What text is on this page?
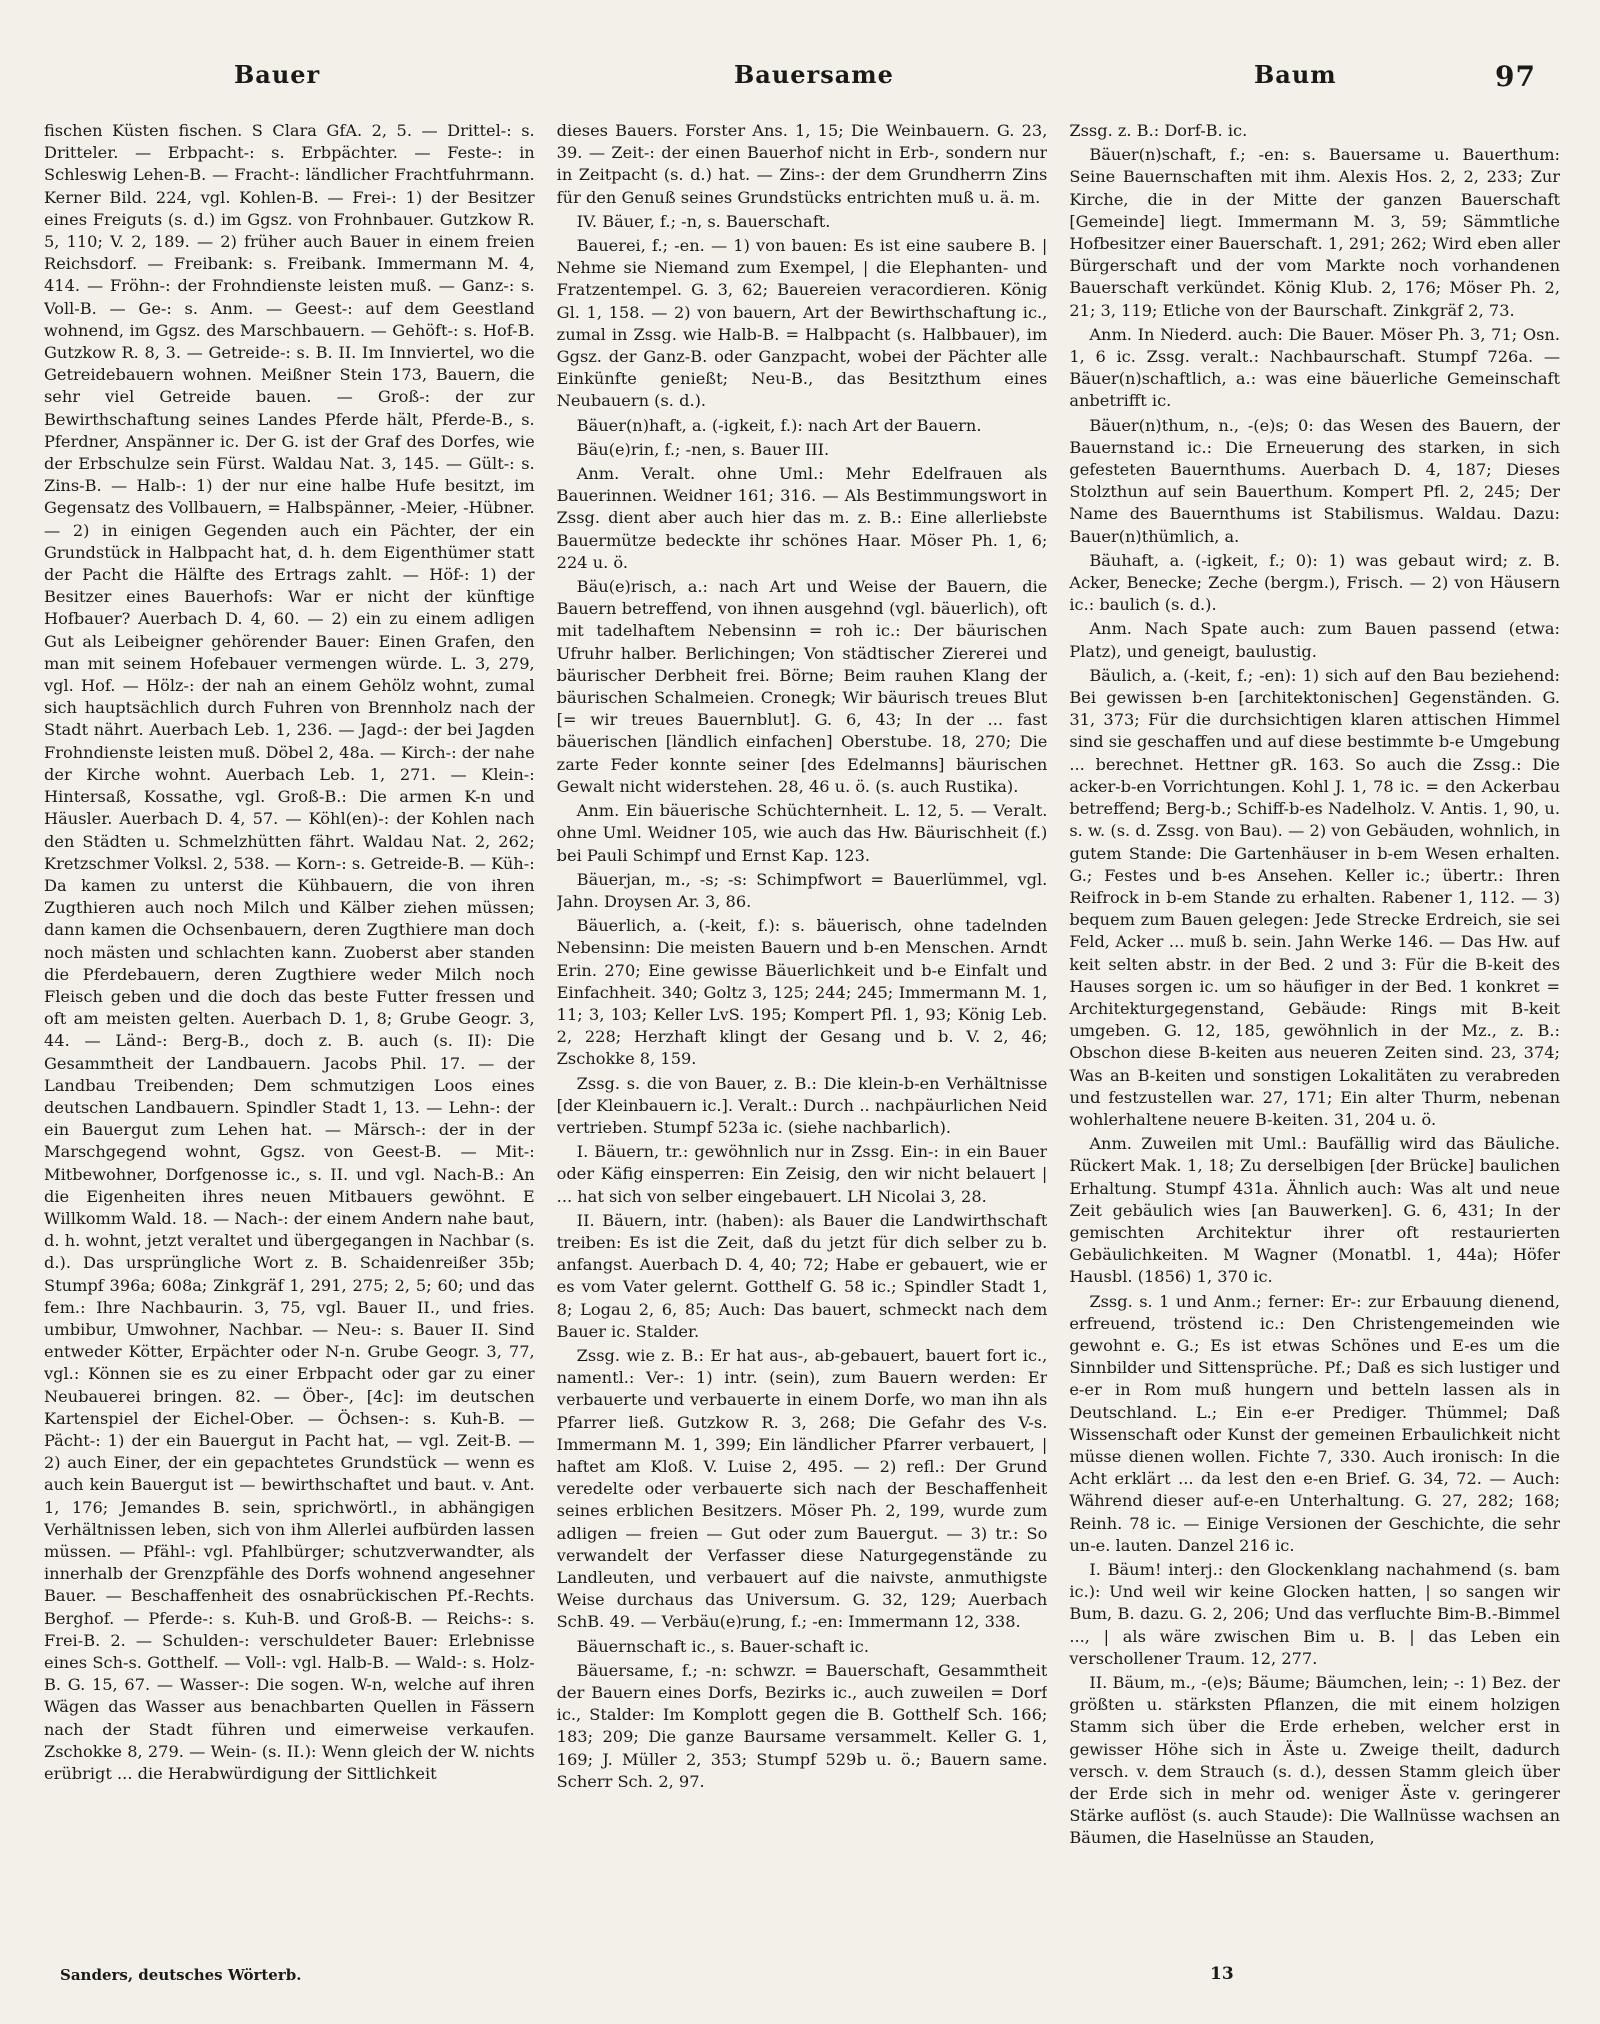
Bauer	Bauersame	Baum	97

fischen Küsten fischen. S Clara GfA. 2, 5. — Drittel-: s. Dritteler. — Erbpacht-: s. Erbpächter. — Feste-: in Schleswig Lehen-B. — Fracht-: ländlicher Frachtfuhrmann. Kerner Bild. 224, vgl. Kohlen-B. — Frei-: 1) der Besitzer eines Freiguts (s. d.) im Ggsz. von Frohnbauer. Gutzkow R. 5, 110; V. 2, 189. — 2) früher auch Bauer in einem freien Reichsdorf. — Freibank: s. Freibank. Immermann M. 4, 414. — Fröhn-: der Frohndienste leisten muß. — Ganz-: s. Voll-B. — Ge-: s. Anm. — Geest-: auf dem Geestland wohnend, im Ggsz. des Marschbauern. — Gehöft-: s. Hof-B. Gutzkow R. 8, 3. — Getreide-: s. B. II. Im Innviertel, wo die Getreidebauern wohnen. Meißner Stein 173, Bauern, die sehr viel Getreide bauen. — Groß-: der zur Bewirthschaftung seines Landes Pferde hält, Pferde-B., s. Pferdner, Anspänner ic. Der G. ist der Graf des Dorfes, wie der Erbschulze sein Fürst. Waldau Nat. 3, 145. — Gült-: s. Zins-B. — Halb-: 1) der nur eine halbe Hufe besitzt, im Gegensatz des Vollbauern, = Halbspänner, -Meier, -Hübner. — 2) in einigen Gegenden auch ein Pächter, der ein Grundstück in Halbpacht hat, d. h. dem Eigenthümer statt der Pacht die Hälfte des Ertrags zahlt. — Höf-: 1) der Besitzer eines Bauerhofs: War er nicht der künftige Hofbauer? Auerbach D. 4, 60. — 2) ein zu einem adligen Gut als Leibeigner gehörender Bauer: Einen Grafen, den man mit seinem Hofebauer vermengen würde. L. 3, 279, vgl. Hof. — Hölz-: der nah an einem Gehölz wohnt, zumal sich hauptsächlich durch Fuhren von Brennholz nach der Stadt nährt. Auerbach Leb. 1, 236. — Jagd-: der bei Jagden Frohndienste leisten muß. Döbel 2, 48a. — Kirch-: der nahe der Kirche wohnt. Auerbach Leb. 1, 271. — Klein-: Hintersaß, Kossathe, vgl. Groß-B.: Die armen K-n und Häusler. Auerbach D. 4, 57. — Köhl(en)-: der Kohlen nach den Städten u. Schmelzhütten fährt. Waldau Nat. 2, 262; Kretzschmer Volksl. 2, 538. — Korn-: s. Getreide-B. — Küh-: Da kamen zu unterst die Kühbauern, die von ihren Zugthieren auch noch Milch und Kälber ziehen müssen; dann kamen die Ochsenbauern, deren Zugthiere man doch noch mästen und schlachten kann. Zuoberst aber standen die Pferdebauern, deren Zugthiere weder Milch noch Fleisch geben und die doch das beste Futter fressen und oft am meisten gelten. Auerbach D. 1, 8; Grube Geogr. 3, 44. — Länd-: Berg-B., doch z. B. auch (s. II): Die Gesammtheit der Landbauern. Jacobs Phil. 17. — der Landbau Treibenden; Dem schmutzigen Loos eines deutschen Landbauern. Spindler Stadt 1, 13. — Lehn-: der ein Bauergut zum Lehen hat. — Märsch-: der in der Marschgegend wohnt, Ggsz. von Geest-B. — Mit-: Mitbewohner, Dorfgenosse ic., s. II. und vgl. Nach-B.: An die Eigenheiten ihres neuen Mitbauers gewöhnt. E Willkomm Wald. 18. — Nach-: der einem Andern nahe baut, d. h. wohnt, jetzt veraltet und übergegangen in Nachbar (s. d.). Das ursprüngliche Wort z. B. Schaidenreißer 35b; Stumpf 396a; 608a; Zinkgräf 1, 291, 275; 2, 5; 60; und das fem.: Ihre Nachbaurin. 3, 75, vgl. Bauer II., und fries. umbibur, Umwohner, Nachbar. — Neu-: s. Bauer II. Sind entweder Kötter, Erpächter oder N-n. Grube Geogr. 3, 77, vgl.: Können sie es zu einer Erbpacht oder gar zu einer Neubauerei bringen. 82. — Öber-, [4c]: im deutschen Kartenspiel der Eichel-Ober. — Öchsen-: s. Kuh-B. — Pächt-: 1) der ein Bauergut in Pacht hat, — vgl. Zeit-B. — 2) auch Einer, der ein gepachtetes Grundstück — wenn es auch kein Bauergut ist — bewirthschaftet und baut. v. Ant. 1, 176; Jemandes B. sein, sprichwörtl., in abhängigen Verhältnissen leben, sich von ihm Allerlei aufbürden lassen müssen. — Pfähl-: vgl. Pfahlbürger; schutzverwandter, als innerhalb der Grenzpfähle des Dorfs wohnend angesehner Bauer. — Beschaffenheit des osnabrückischen Pf.-Rechts. Berghof. — Pferde-: s. Kuh-B. und Groß-B. — Reichs-: s. Frei-B. 2. — Schulden-: verschuldeter Bauer: Erlebnisse eines Sch-s. Gotthelf. — Voll-: vgl. Halb-B. — Wald-: s. Holz-B. G. 15, 67. — Wasser-: Die sogen. W-n, welche auf ihren Wägen das Wasser aus benachbarten Quellen in Fässern nach der Stadt führen und eimerweise verkaufen. Zschokke 8, 279. — Wein- (s. II.): Wenn gleich der W. nichts erübrigt ... die Herabwürdigung der Sittlichkeit

dieses Bauers. Forster Ans. 1, 15; Die Weinbauern. G. 23, 39. — Zeit-: der einen Bauerhof nicht in Erb-, sondern nur in Zeitpacht (s. d.) hat. — Zins-: der dem Grundherrn Zins für den Genuß seines Grundstücks entrichten muß u. ä. m.

IV. Bäuer, f.; -n, s. Bauerschaft.

Bauerei, f.; -en. — 1) von bauen: Es ist eine saubere B. | Nehme sie Niemand zum Exempel, | die Elephanten- und Fratzentempel. G. 3, 62; Bauereien veracordieren. König Gl. 1, 158. — 2) von bauern, Art der Bewirthschaftung ic., zumal in Zssg. wie Halb-B. = Halbpacht (s. Halbbauer), im Ggsz. der Ganz-B. oder Ganzpacht, wobei der Pächter alle Einkünfte genießt; Neu-B., das Besitzthum eines Neubauern (s. d.).

Bäuer(n)haft, a. (-igkeit, f.): nach Art der Bauern.

Bäu(e)rin, f.; -nen, s. Bauer III.

Anm. Veralt. ohne Uml.: Mehr Edelfrauen als Bauerinnen. Weidner 161; 316. — Als Bestimmungswort in Zssg. dient aber auch hier das m. z. B.: Eine allerliebste Bauermütze bedeckte ihr schönes Haar. Möser Ph. 1, 6; 224 u. ö.

Bäu(e)risch, a.: nach Art und Weise der Bauern, die Bauern betreffend, von ihnen ausgehnd (vgl. bäuerlich), oft mit tadelhaftem Nebensinn = roh ic.: Der bäurischen Ufruhr halber. Berlichingen; Von städtischer Ziererei und bäurischer Derbheit frei. Börne; Beim rauhen Klang der bäurischen Schalmeien. Cronegk; Wir bäurisch treues Blut [= wir treues Bauernblut]. G. 6, 43; In der ... fast bäuerischen [ländlich einfachen] Oberstube. 18, 270; Die zarte Feder konnte seiner [des Edelmanns] bäurischen Gewalt nicht widerstehen. 28, 46 u. ö. (s. auch Rustika).

Anm. Ein bäuerische Schüchternheit. L. 12, 5. — Veralt. ohne Uml. Weidner 105, wie auch das Hw. Bäurischheit (f.) bei Pauli Schimpf und Ernst Kap. 123.

Bäuerjan, m., -s; -s: Schimpfwort = Bauerlümmel, vgl. Jahn. Droysen Ar. 3, 86.

Bäuerlich, a. (-keit, f.): s. bäuerisch, ohne tadelnden Nebensinn: Die meisten Bauern und b-en Menschen. Arndt Erin. 270; Eine gewisse Bäuerlichkeit und b-e Einfalt und Einfachheit. 340; Goltz 3, 125; 244; 245; Immermann M. 1, 11; 3, 103; Keller LvS. 195; Kompert Pfl. 1, 93; König Leb. 2, 228; Herzhaft klingt der Gesang und b. V. 2, 46; Zschokke 8, 159.

Zssg. s. die von Bauer, z. B.: Die klein-b-en Verhältnisse [der Kleinbauern ic.]. Veralt.: Durch .. nachpäurlichen Neid vertrieben. Stumpf 523a ic. (siehe nachbarlich).

I. Bäuern, tr.: gewöhnlich nur in Zssg. Ein-: in ein Bauer oder Käfig einsperren: Ein Zeisig, den wir nicht belauert | ... hat sich von selber eingebauert. LH Nicolai 3, 28.

II. Bäuern, intr. (haben): als Bauer die Landwirthschaft treiben: Es ist die Zeit, daß du jetzt für dich selber zu b. anfangst. Auerbach D. 4, 40; 72; Habe er gebauert, wie er es vom Vater gelernt. Gotthelf G. 58 ic.; Spindler Stadt 1, 8; Logau 2, 6, 85; Auch: Das bauert, schmeckt nach dem Bauer ic. Stalder.

Zssg. wie z. B.: Er hat aus-, ab-gebauert, bauert fort ic., namentl.: Ver-: 1) intr. (sein), zum Bauern werden: Er verbauerte und verbauerte in einem Dorfe, wo man ihn als Pfarrer ließ. Gutzkow R. 3, 268; Die Gefahr des V-s. Immermann M. 1, 399; Ein ländlicher Pfarrer verbauert, | haftet am Kloß. V. Luise 2, 495. — 2) refl.: Der Grund veredelte oder verbauerte sich nach der Beschaffenheit seines erblichen Besitzers. Möser Ph. 2, 199, wurde zum adligen — freien — Gut oder zum Bauergut. — 3) tr.: So verwandelt der Verfasser diese Naturgegenstände zu Landleuten, und verbauert auf die naivste, anmuthigste Weise durchaus das Universum. G. 32, 129; Auerbach SchB. 49. — Verbäu(e)rung, f.; -en: Immermann 12, 338.

Bäuernschaft ic., s. Bauer-schaft ic.

Bäuersame, f.; -n: schwzr. = Bauerschaft, Gesammtheit der Bauern eines Dorfs, Bezirks ic., auch zuweilen = Dorf ic., Stalder: Im Komplott gegen die B. Gotthelf Sch. 166; 183; 209; Die ganze Baursame versammelt. Keller G. 1, 169; J. Müller 2, 353; Stumpf 529b u. ö.; Bauern same. Scherr Sch. 2, 97.

Zssg. z. B.: Dorf-B. ic.

Bäuer(n)schaft, f.; -en: s. Bauersame u. Bauerthum: Seine Bauernschaften mit ihm. Alexis Hos. 2, 2, 233; Zur Kirche, die in der Mitte der ganzen Bauerschaft [Gemeinde] liegt. Immermann M. 3, 59; Sämmtliche Hofbesitzer einer Bauerschaft. 1, 291; 262; Wird eben aller Bürgerschaft und der vom Markte noch vorhandenen Bauerschaft verkündet. König Klub. 2, 176; Möser Ph. 2, 21; 3, 119; Etliche von der Baurschaft. Zinkgräf 2, 73.

Anm. In Niederd. auch: Die Bauer. Möser Ph. 3, 71; Osn. 1, 6 ic. Zssg. veralt.: Nachbaurschaft. Stumpf 726a. — Bäuer(n)schaftlich, a.: was eine bäuerliche Gemeinschaft anbetrifft ic.

Bäuer(n)thum, n., -(e)s; 0: das Wesen des Bauern, der Bauernstand ic.: Die Erneuerung des starken, in sich gefesteten Bauernthums. Auerbach D. 4, 187; Dieses Stolzthun auf sein Bauerthum. Kompert Pfl. 2, 245; Der Name des Bauernthums ist Stabilismus. Waldau. Dazu: Bauer(n)thümlich, a.

Bäuhaft, a. (-igkeit, f.; 0): 1) was gebaut wird; z. B. Acker, Benecke; Zeche (bergm.), Frisch. — 2) von Häusern ic.: baulich (s. d.).

Anm. Nach Spate auch: zum Bauen passend (etwa: Platz), und geneigt, baulustig.

Bäulich, a. (-keit, f.; -en): 1) sich auf den Bau beziehend: Bei gewissen b-en [architektonischen] Gegenständen. G. 31, 373; Für die durchsichtigen klaren attischen Himmel sind sie geschaffen und auf diese bestimmte b-e Umgebung ... berechnet. Hettner gR. 163. So auch die Zssg.: Die acker-b-en Vorrichtungen. Kohl J. 1, 78 ic. = den Ackerbau betreffend; Berg-b.; Schiff-b-es Nadelholz. V. Antis. 1, 90, u. s. w. (s. d. Zssg. von Bau). — 2) von Gebäuden, wohnlich, in gutem Stande: Die Gartenhäuser in b-em Wesen erhalten. G.; Festes und b-es Ansehen. Keller ic.; übertr.: Ihren Reifrock in b-em Stande zu erhalten. Rabener 1, 112. — 3) bequem zum Bauen gelegen: Jede Strecke Erdreich, sie sei Feld, Acker ... muß b. sein. Jahn Werke 146. — Das Hw. auf keit selten abstr. in der Bed. 2 und 3: Für die B-keit des Hauses sorgen ic. um so häufiger in der Bed. 1 konkret = Architekturgegenstand, Gebäude: Rings mit B-keit umgeben. G. 12, 185, gewöhnlich in der Mz., z. B.: Obschon diese B-keiten aus neueren Zeiten sind. 23, 374; Was an B-keiten und sonstigen Lokalitäten zu verabreden und festzustellen war. 27, 171; Ein alter Thurm, nebenan wohlerhaltene neuere B-keiten. 31, 204 u. ö.

Anm. Zuweilen mit Uml.: Baufällig wird das Bäuliche. Rückert Mak. 1, 18; Zu derselbigen [der Brücke] baulichen Erhaltung. Stumpf 431a. Ähnlich auch: Was alt und neue Zeit gebäulich wies [an Bauwerken]. G. 6, 431; In der gemischten Architektur ihrer oft restaurierten Gebäulichkeiten. M Wagner (Monatbl. 1, 44a); Höfer Hausbl. (1856) 1, 370 ic.

Zssg. s. 1 und Anm.; ferner: Er-: zur Erbauung dienend, erfreuend, tröstend ic.: Den Christengemeinden wie gewohnt e. G.; Es ist etwas Schönes und E-es um die Sinnbilder und Sittensprüche. Pf.; Daß es sich lustiger und e-er in Rom muß hungern und betteln lassen als in Deutschland. L.; Ein e-er Prediger. Thümmel; Daß Wissenschaft oder Kunst der gemeinen Erbaulichkeit nicht müsse dienen wollen. Fichte 7, 330. Auch ironisch: In die Acht erklärt ... da lest den e-en Brief. G. 34, 72. — Auch: Während dieser auf-e-en Unterhaltung. G. 27, 282; 168; Reinh. 78 ic. — Einige Versionen der Geschichte, die sehr un-e. lauten. Danzel 216 ic.

I. Bäum! interj.: den Glockenklang nachahmend (s. bam ic.): Und weil wir keine Glocken hatten, | so sangen wir Bum, B. dazu. G. 2, 206; Und das verfluchte Bim-B.-Bimmel ..., | als wäre zwischen Bim u. B. | das Leben ein verschollener Traum. 12, 277.

II. Bäum, m., -(e)s; Bäume; Bäumchen, lein; -: 1) Bez. der größten u. stärksten Pflanzen, die mit einem holzigen Stamm sich über die Erde erheben, welcher erst in gewisser Höhe sich in Äste u. Zweige theilt, dadurch versch. v. dem Strauch (s. d.), dessen Stamm gleich über der Erde sich in mehr od. weniger Äste v. geringerer Stärke auflöst (s. auch Staude): Die Wallnüsse wachsen an Bäumen, die Haselnüsse an Stauden,

Sanders, deutsches Wörterb.	13
